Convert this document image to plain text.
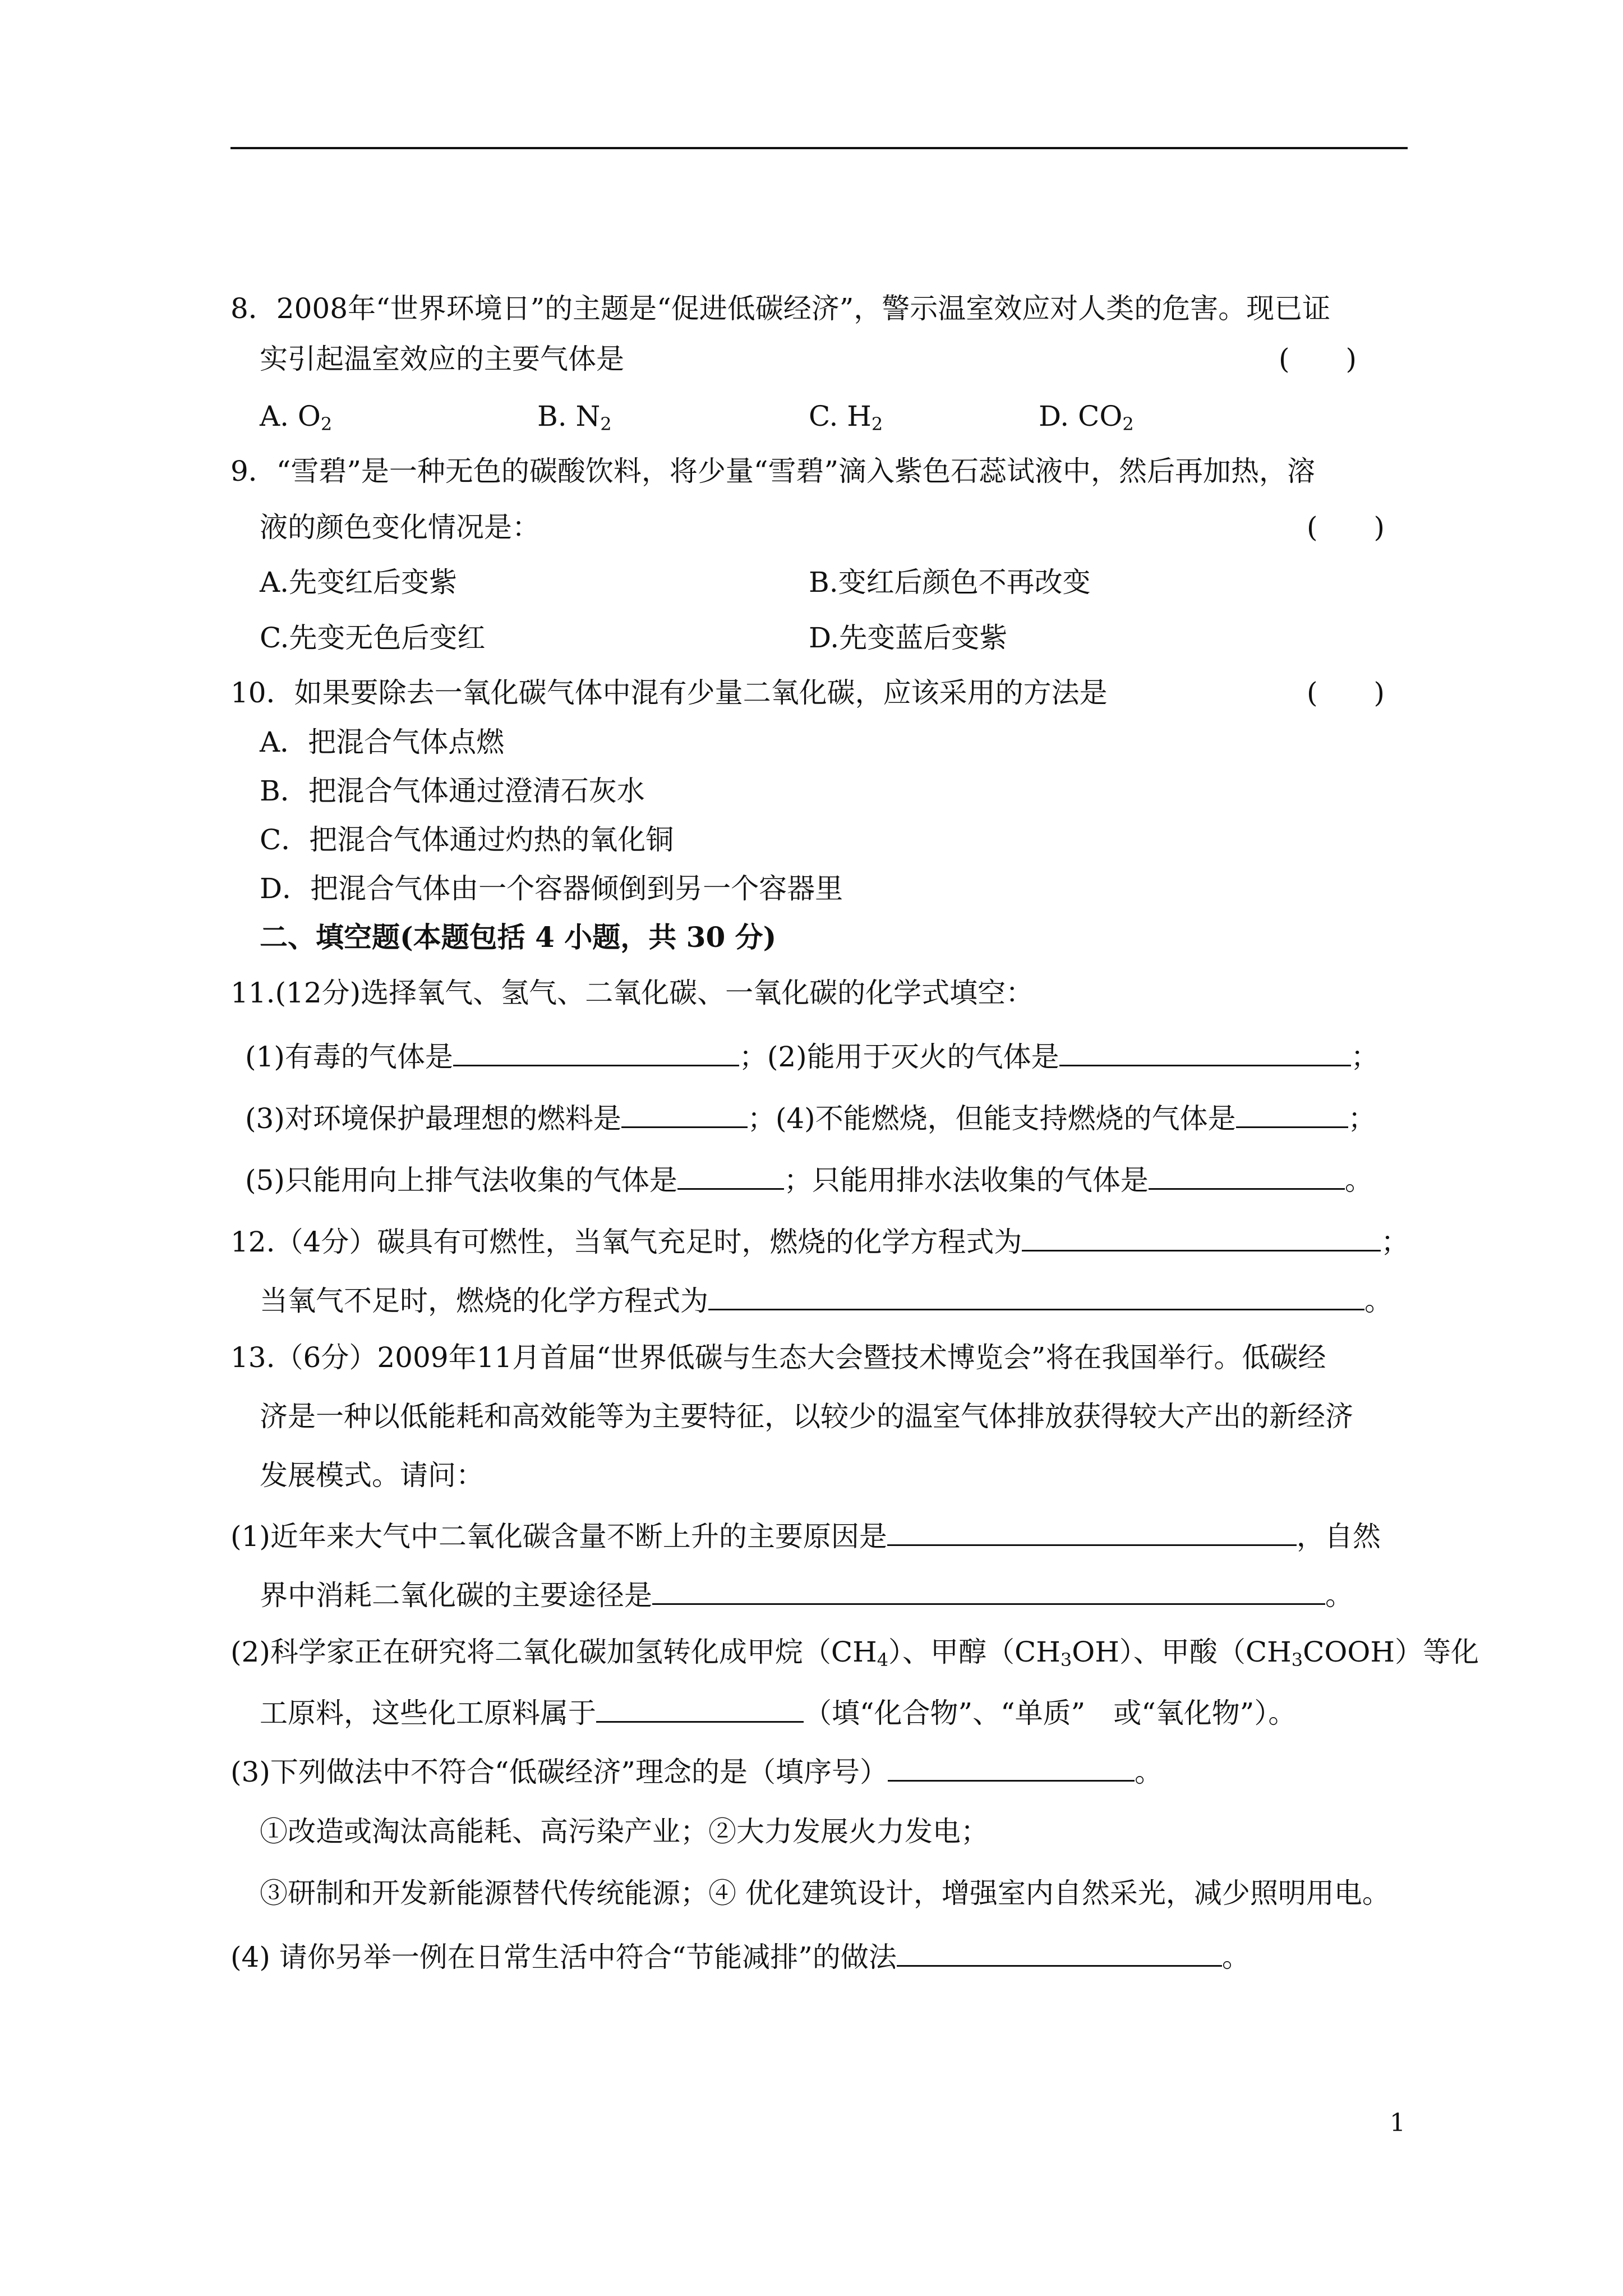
8．2008年“世界环境日”的主题是“促进低碳经济”，警示温室效应对人类的危害。现已证
实引起温室效应的主要气体是	(　　)
A. $O_2$	B. $N_2$	C. $H_2$	D. $CO_2$
9．“雪碧”是一种无色的碳酸饮料，将少量“雪碧”滴入紫色石蕊试液中，然后再加热，溶
液的颜色变化情况是：	(　　)
A.先变红后变紫	B.变红后颜色不再改变
C.先变无色后变红	D.先变蓝后变紫
10．如果要除去一氧化碳气体中混有少量二氧化碳，应该采用的方法是	(　　)
A．把混合气体点燃
B．把混合气体通过澄清石灰水
C．把混合气体通过灼热的氧化铜
D．把混合气体由一个容器倾倒到另一个容器里
二、填空题(本题包括 4 小题，共 30 分)
11.(12分)选择氧气、氢气、二氧化碳、一氧化碳的化学式填空：
(1)有毒的气体是	；(2)能用于灭火的气体是	；
(3)对环境保护最理想的燃料是	；(4)不能燃烧，但能支持燃烧的气体是	；
(5)只能用向上排气法收集的气体是	；只能用排水法收集的气体是	。
12.（4分）碳具有可燃性，当氧气充足时，燃烧的化学方程式为	；
当氧气不足时，燃烧的化学方程式为	。
13.（6分）2009年11月首届“世界低碳与生态大会暨技术博览会”将在我国举行。低碳经
济是一种以低能耗和高效能等为主要特征，以较少的温室气体排放获得较大产出的新经济
发展模式。请问：
(1)近年来大气中二氧化碳含量不断上升的主要原因是	，自然
界中消耗二氧化碳的主要途径是	。
(2)科学家正在研究将二氧化碳加氢转化成甲烷$(CH_4)$、甲醇$(CH_3OH)$、甲酸$(CH_3COOH)$等化
工原料，这些化工原料属于	（填“化合物”、“单质”　或“氧化物”）。
(3)下列做法中不符合“低碳经济”理念的是（填序号）	。
①改造或淘汰高能耗、高污染产业；②大力发展火力发电；
③研制和开发新能源替代传统能源；④ 优化建筑设计，增强室内自然采光，减少照明用电。
(4) 请你另举一例在日常生活中符合“节能减排”的做法	。
1
